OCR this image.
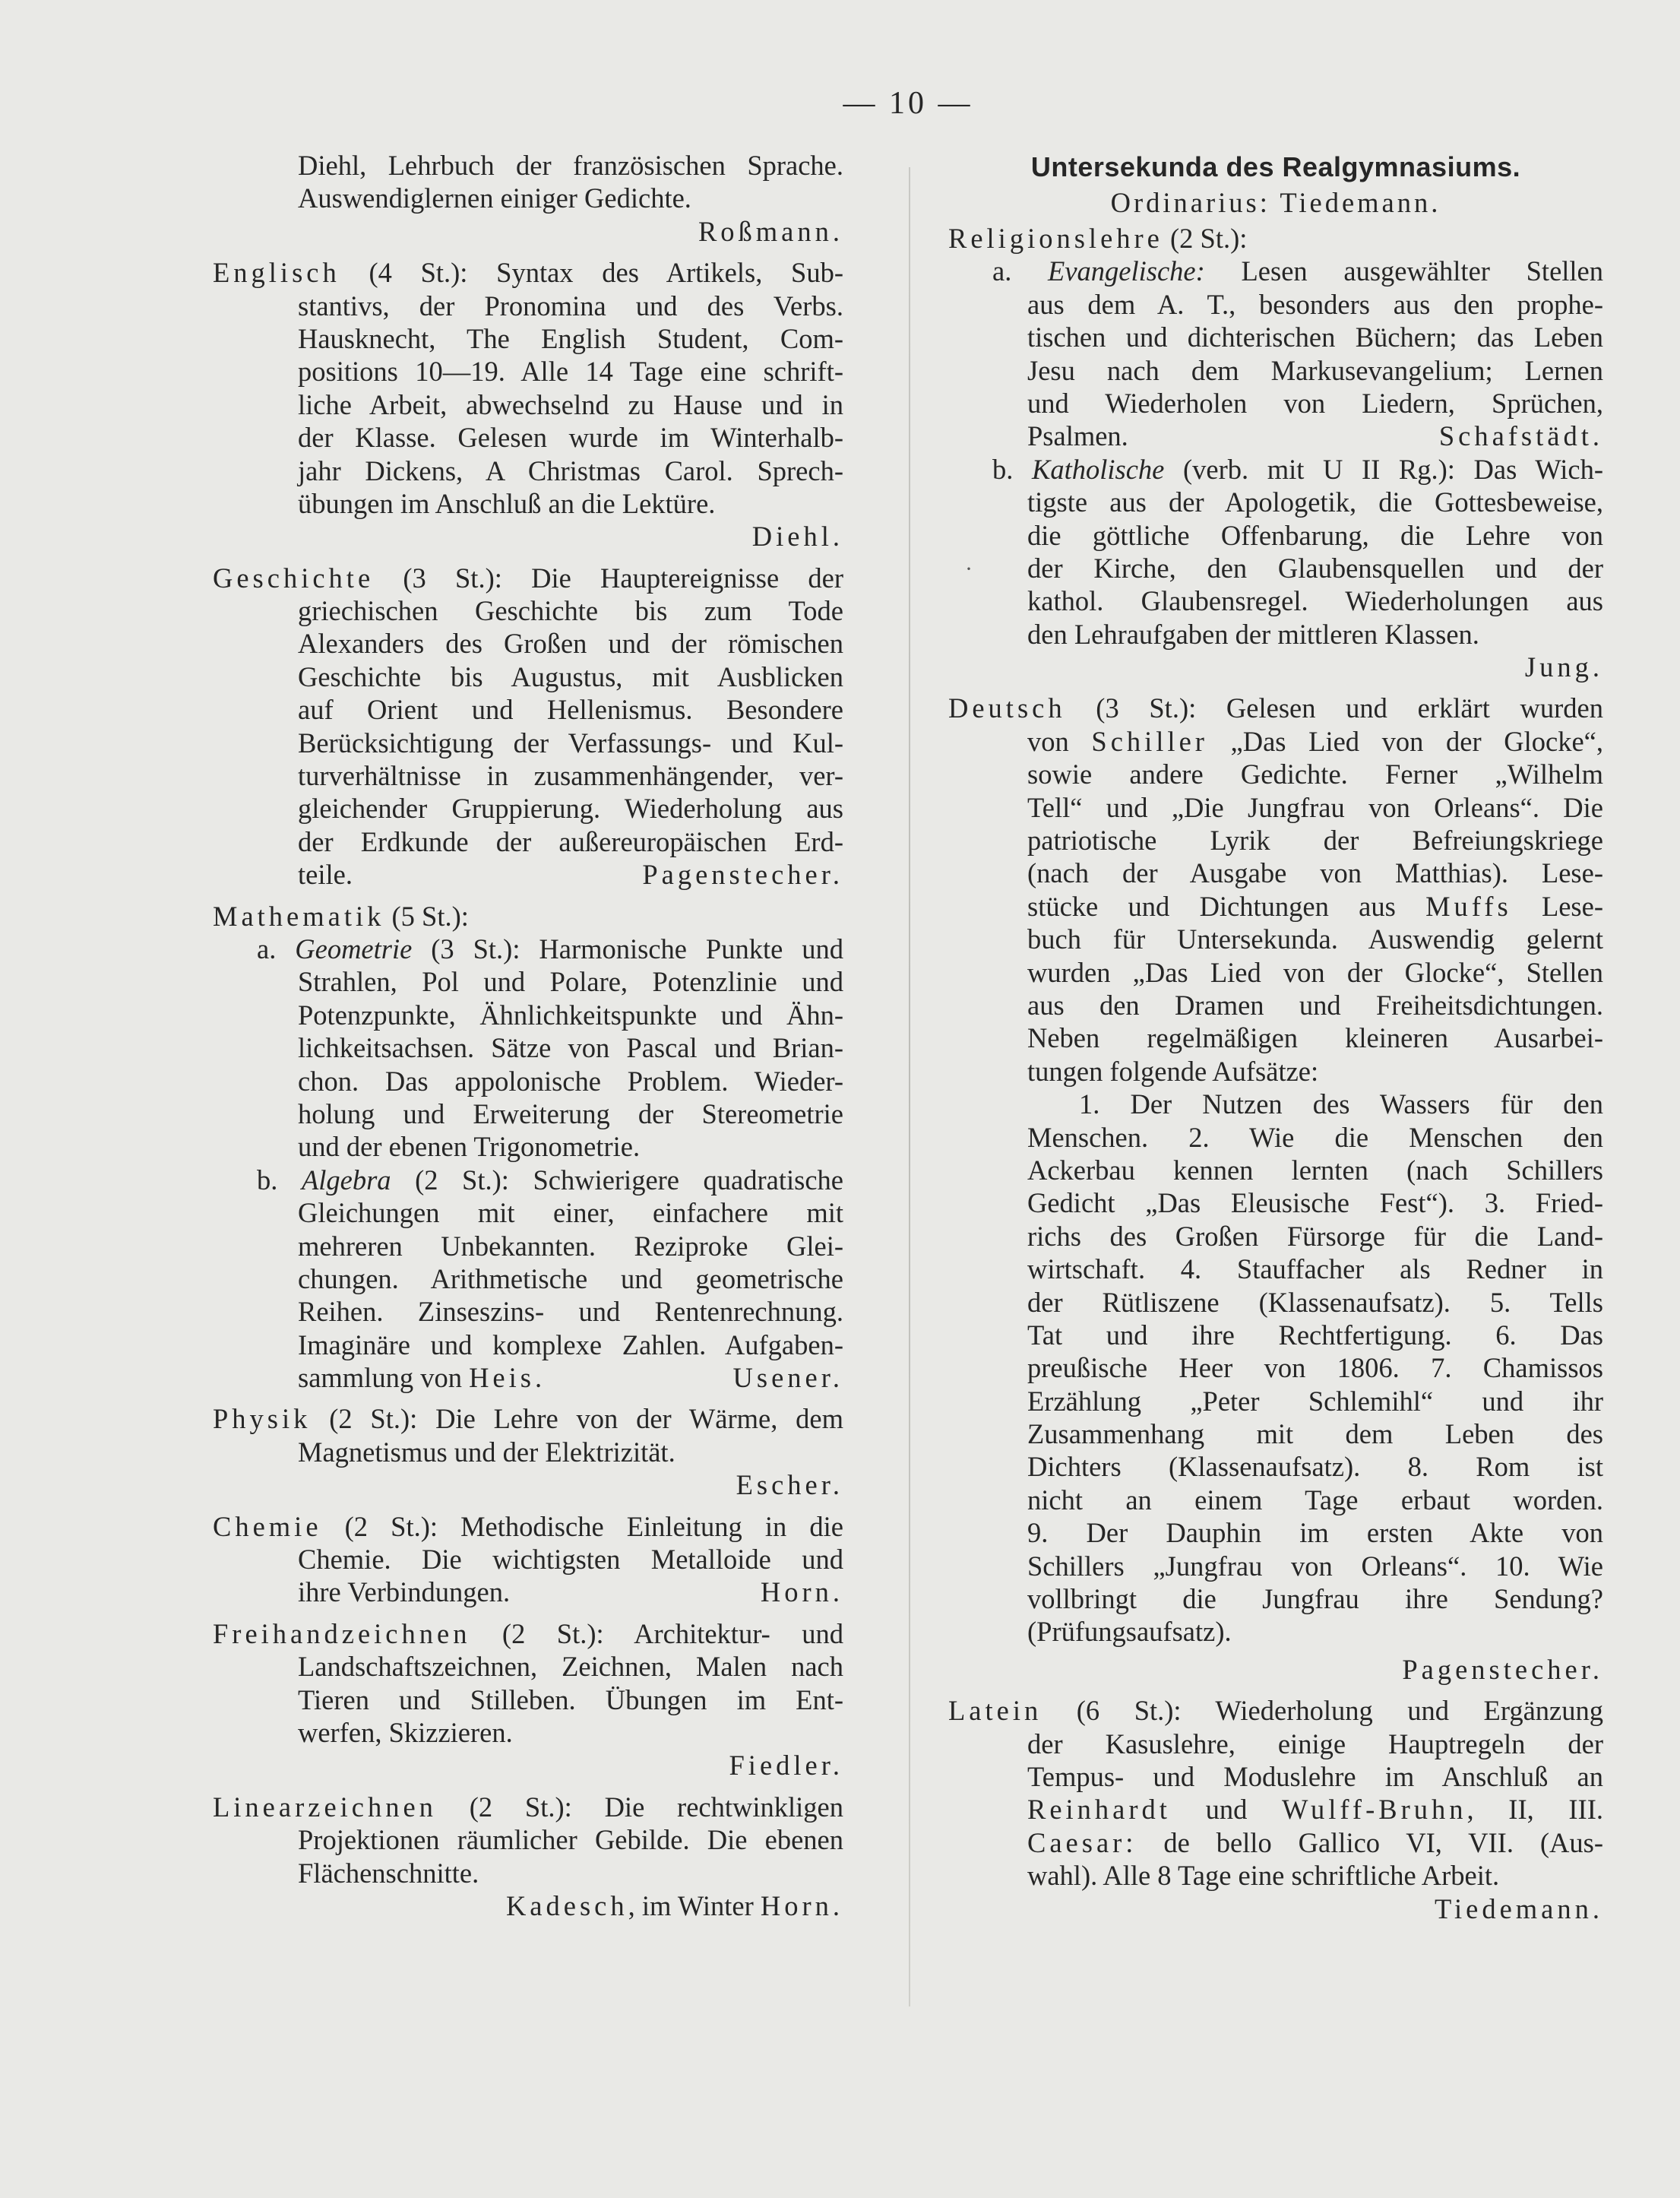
— 10 —
·
Diehl, Lehrbuch der französischen Sprache.
Auswendiglernen einiger Gedichte.
Roßmann.
Englisch (4 St.): Syntax des Artikels, Sub-
stantivs, der Pronomina und des Verbs.
Hausknecht, The English Student, Com-
positions 10—19. Alle 14 Tage eine schrift-
liche Arbeit, abwechselnd zu Hause und in
der Klasse. Gelesen wurde im Winterhalb-
jahr Dickens, A Christmas Carol. Sprech-
übungen im Anschluß an die Lektüre.
Diehl.
Geschichte (3 St.): Die Hauptereignisse der
griechischen Geschichte bis zum Tode
Alexanders des Großen und der römischen
Geschichte bis Augustus, mit Ausblicken
auf Orient und Hellenismus. Besondere
Berücksichtigung der Verfassungs- und Kul-
turverhältnisse in zusammenhängender, ver-
gleichender Gruppierung. Wiederholung aus
der Erdkunde der außereuropäischen Erd-
teile.	Pagenstecher.
Mathematik (5 St.):
a. Geometrie (3 St.): Harmonische Punkte und
Strahlen, Pol und Polare, Potenzlinie und
Potenzpunkte, Ähnlichkeitspunkte und Ähn-
lichkeitsachsen. Sätze von Pascal und Brian-
chon. Das appolonische Problem. Wieder-
holung und Erweiterung der Stereometrie
und der ebenen Trigonometrie.
b. Algebra (2 St.): Schwierigere quadratische
Gleichungen mit einer, einfachere mit
mehreren Unbekannten. Reziproke Glei-
chungen. Arithmetische und geometrische
Reihen. Zinseszins- und Rentenrechnung.
Imaginäre und komplexe Zahlen. Aufgaben-
sammlung von Heis.	Usener.
Physik (2 St.): Die Lehre von der Wärme, dem
Magnetismus und der Elektrizität.
Escher.
Chemie (2 St.): Methodische Einleitung in die
Chemie. Die wichtigsten Metalloide und
ihre Verbindungen.	Horn.
Freihandzeichnen (2 St.): Architektur- und
Landschaftszeichnen, Zeichnen, Malen nach
Tieren und Stilleben. Übungen im Ent-
werfen, Skizzieren.
Fiedler.
Linearzeichnen (2 St.): Die rechtwinkligen
Projektionen räumlicher Gebilde. Die ebenen
Flächenschnitte.
Kadesch, im Winter Horn.
Untersekunda des Realgymnasiums.
Ordinarius: Tiedemann.
Religionslehre (2 St.):
a. Evangelische: Lesen ausgewählter Stellen
aus dem A. T., besonders aus den prophe-
tischen und dichterischen Büchern; das Leben
Jesu nach dem Markusevangelium; Lernen
und Wiederholen von Liedern, Sprüchen,
Psalmen.	Schafstädt.
b. Katholische (verb. mit U II Rg.): Das Wich-
tigste aus der Apologetik, die Gottesbeweise,
die göttliche Offenbarung, die Lehre von
der Kirche, den Glaubensquellen und der
kathol. Glaubensregel. Wiederholungen aus
den Lehraufgaben der mittleren Klassen.
Jung.
Deutsch (3 St.): Gelesen und erklärt wurden
von Schiller „Das Lied von der Glocke“,
sowie andere Gedichte. Ferner „Wilhelm
Tell“ und „Die Jungfrau von Orleans“. Die
patriotische Lyrik der Befreiungskriege
(nach der Ausgabe von Matthias). Lese-
stücke und Dichtungen aus Muffs Lese-
buch für Untersekunda. Auswendig gelernt
wurden „Das Lied von der Glocke“, Stellen
aus den Dramen und Freiheitsdichtungen.
Neben regelmäßigen kleineren Ausarbei-
tungen folgende Aufsätze:
1. Der Nutzen des Wassers für den
Menschen. 2. Wie die Menschen den
Ackerbau kennen lernten (nach Schillers
Gedicht „Das Eleusische Fest“). 3. Fried-
richs des Großen Fürsorge für die Land-
wirtschaft. 4. Stauffacher als Redner in
der Rütliszene (Klassenaufsatz). 5. Tells
Tat und ihre Rechtfertigung. 6. Das
preußische Heer von 1806. 7. Chamissos
Erzählung „Peter Schlemihl“ und ihr
Zusammenhang mit dem Leben des
Dichters (Klassenaufsatz). 8. Rom ist
nicht an einem Tage erbaut worden.
9. Der Dauphin im ersten Akte von
Schillers „Jungfrau von Orleans“. 10. Wie
vollbringt die Jungfrau ihre Sendung?
(Prüfungsaufsatz).
Pagenstecher.
Latein (6 St.): Wiederholung und Ergänzung
der Kasuslehre, einige Hauptregeln der
Tempus- und Moduslehre im Anschluß an
Reinhardt und Wulff-Bruhn, II, III.
Caesar: de bello Gallico VI, VII. (Aus-
wahl). Alle 8 Tage eine schriftliche Arbeit.
Tiedemann.
